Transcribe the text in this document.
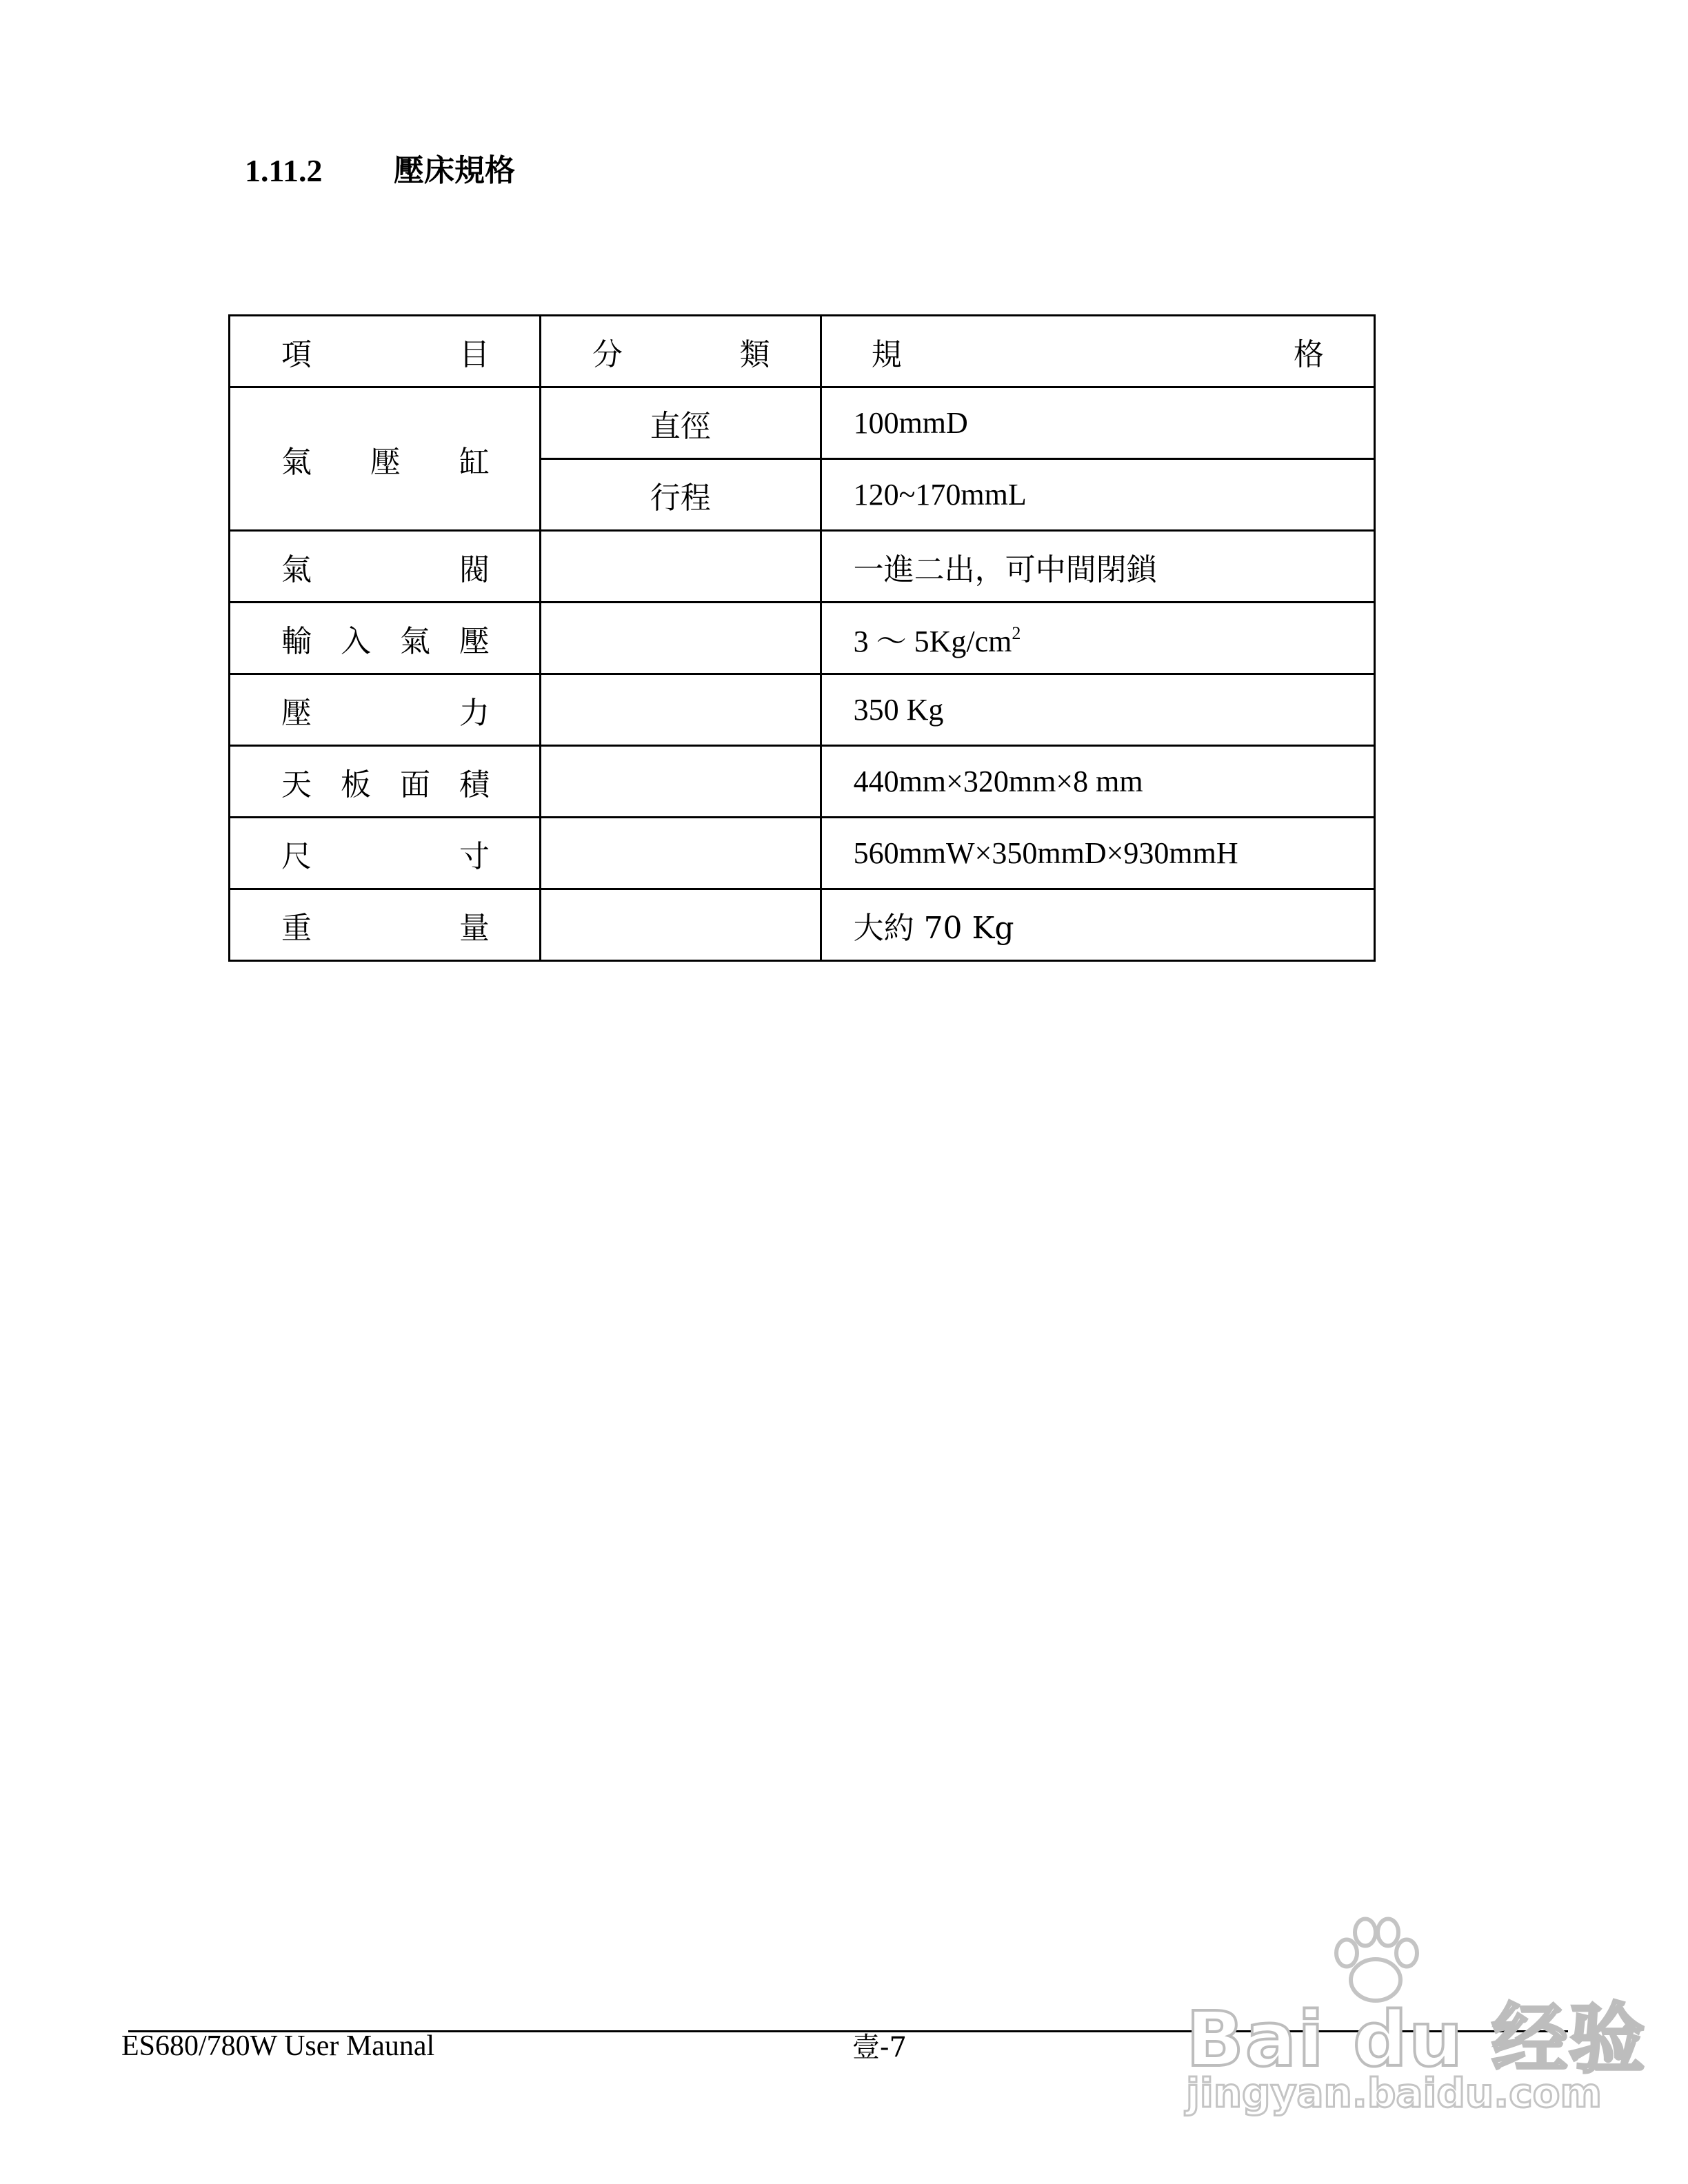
1.11.2	壓床規格
項 目	分 類	規 格

氣 壓 缸	直徑	100mmD

	行程	120~170mmL

氣 閥		一進二出，可中間閉鎖

輸 入 氣 壓		3 ～ $5Kg/cm^2$

壓 力		350 Kg

天 板 面 積		440mm×320mm×8 mm

尺 寸		560mmW×350mmD×930mmH

重 量		大約 70 Kg
ES680/780W User Maunal	壹-7	Bai du 经验
jingyan.baidu.com
